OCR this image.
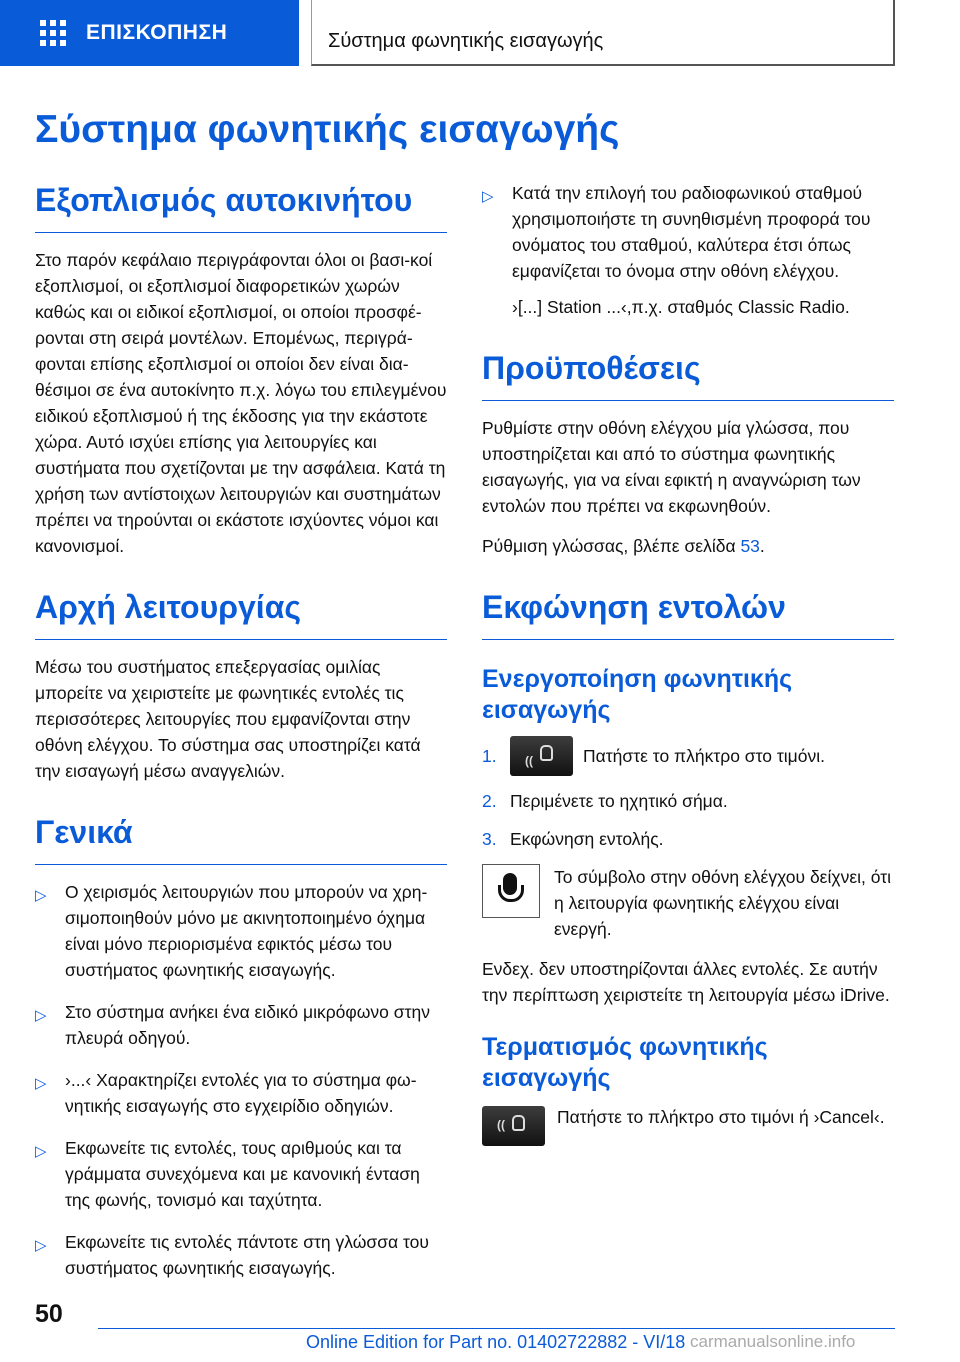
ΕΠΙΣΚΟΠΗΣΗ	Σύστημα φωνητικής εισαγωγής
Σύστημα φωνητικής εισαγωγής
Εξοπλισμός αυτοκινήτου

Στο παρόν κεφάλαιο περιγράφονται όλοι οι βασι-κοί εξοπλισμοί, οι εξοπλισμοί διαφορετικών χωρών καθώς και οι ειδικοί εξοπλισμοί, οι οποίοι προσφέ-ρονται στη σειρά μοντέλων. Επομένως, περιγρά-φονται επίσης εξοπλισμοί οι οποίοι δεν είναι δια-θέσιμοι σε ένα αυτοκίνητο π.χ. λόγω του επιλεγμένου ειδικού εξοπλισμού ή της έκδοσης για την εκάστοτε χώρα. Αυτό ισχύει επίσης για λειτουργίες και συστήματα που σχετίζονται με την ασφάλεια. Κατά τη χρήση των αντίστοιχων λειτουργιών και συστημάτων πρέπει να τηρούνται οι εκάστοτε ισχύοντες νόμοι και κανονισμοί.

Αρχή λειτουργίας

Μέσω του συστήματος επεξεργασίας ομιλίας μπορείτε να χειριστείτε με φωνητικές εντολές τις περισσότερες λειτουργίες που εμφανίζονται στην οθόνη ελέγχου. Το σύστημα σας υποστηρίζει κατά την εισαγωγή μέσω αναγγελιών.

Γενικά
▷ Ο χειρισμός λειτουργιών που μπορούν να χρη-σιμοποιηθούν μόνο με ακινητοποιημένο όχημα είναι μόνο περιορισμένα εφικτός μέσω του συστήματος φωνητικής εισαγωγής.
▷ Στο σύστημα ανήκει ένα ειδικό μικρόφωνο στην πλευρά οδηγού.
▷ ›...‹ Χαρακτηρίζει εντολές για το σύστημα φω-νητικής εισαγωγής στο εγχειρίδιο οδηγιών.
▷ Εκφωνείτε τις εντολές, τους αριθμούς και τα γράμματα συνεχόμενα και με κανονική ένταση της φωνής, τονισμό και ταχύτητα.
▷ Εκφωνείτε τις εντολές πάντοτε στη γλώσσα του συστήματος φωνητικής εισαγωγής.
▷ Κατά την επιλογή του ραδιοφωνικού σταθμού χρησιμοποιήστε τη συνηθισμένη προφορά του ονόματος του σταθμού, καλύτερα έτσι όπως εμφανίζεται το όνομα στην οθόνη ελέγχου.

›[...] Station ...‹,π.χ. σταθμός Classic Radio.

Προϋποθέσεις

Ρυθμίστε στην οθόνη ελέγχου μία γλώσσα, που υποστηρίζεται και από το σύστημα φωνητικής εισαγωγής, για να είναι εφικτή η αναγνώριση των εντολών που πρέπει να εκφωνηθούν.

Ρύθμιση γλώσσας, βλέπε σελίδα 53.

Εκφώνηση εντολών
Ενεργοποίηση φωνητικής εισαγωγής
1.
((	Πατήστε το πλήκτρο στο τιμόνι.
2. Περιμένετε το ηχητικό σήμα.
3. Εκφώνηση εντολής.
Το σύμβολο στην οθόνη ελέγχου δείχνει, ότι η λειτουργία φωνητικής ελέγχου είναι ενεργή.

Ενδεχ. δεν υποστηρίζονται άλλες εντολές. Σε αυτήν την περίπτωση χειριστείτε τη λειτουργία μέσω iDrive.

Τερματισμός φωνητικής εισαγωγής
((
Πατήστε το πλήκτρο στο τιμόνι ή ›Cancel‹.
50
Online Edition for Part no. 01402722882 - VI/18 carmanualsonline.info
